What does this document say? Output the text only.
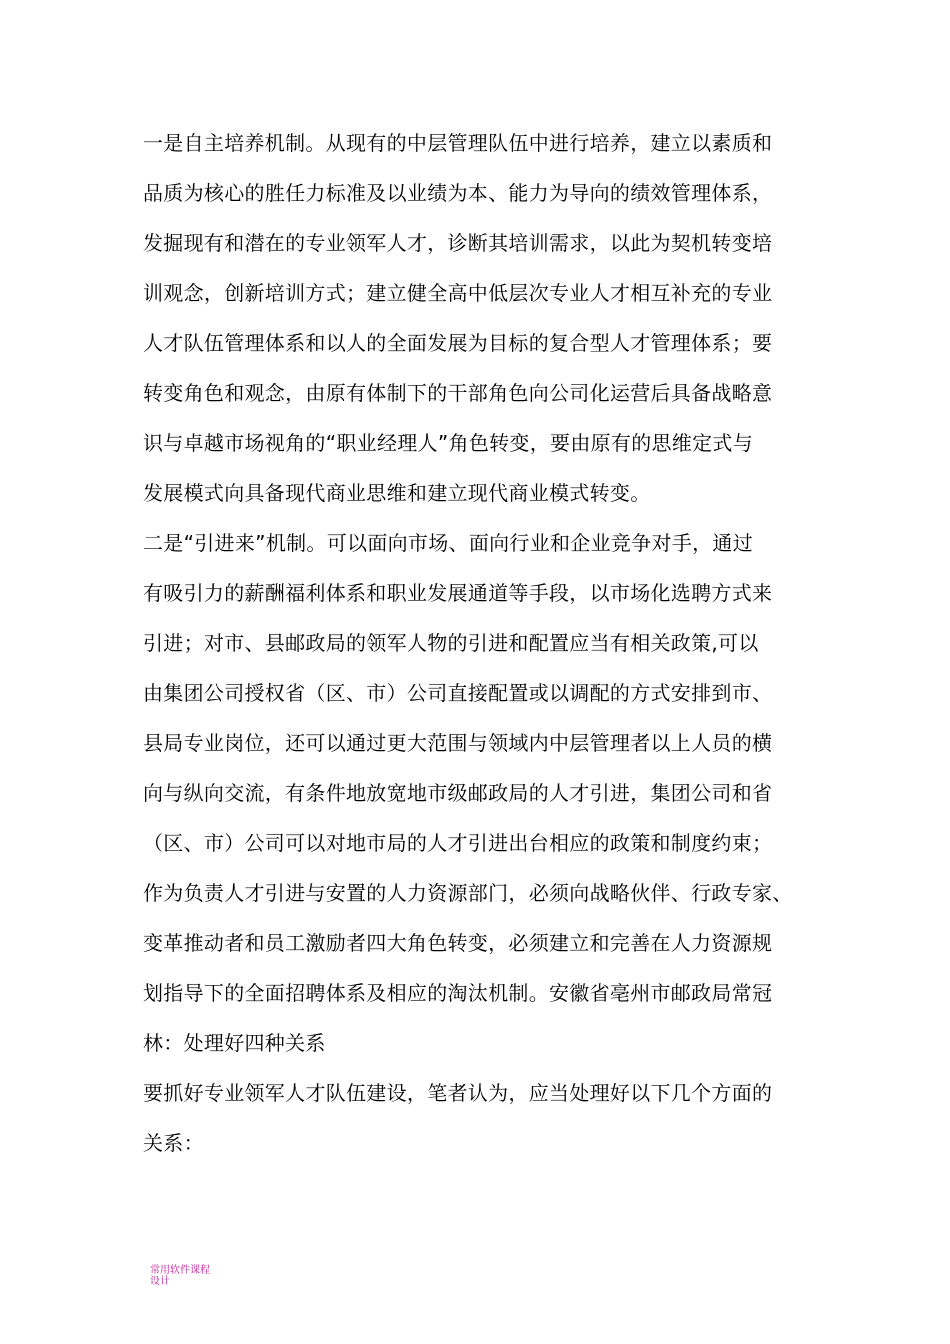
一是自主培养机制。从现有的中层管理队伍中进行培养，建立以素质和
品质为核心的胜任力标准及以业绩为本、能力为导向的绩效管理体系，
发掘现有和潜在的专业领军人才，诊断其培训需求，以此为契机转变培
训观念，创新培训方式；建立健全高中低层次专业人才相互补充的专业
人才队伍管理体系和以人的全面发展为目标的复合型人才管理体系；要
转变角色和观念，由原有体制下的干部角色向公司化运营后具备战略意
识与卓越市场视角的“职业经理人”角色转变，要由原有的思维定式与
发展模式向具备现代商业思维和建立现代商业模式转变。
二是“引进来”机制。可以面向市场、面向行业和企业竞争对手，通过
有吸引力的薪酬福利体系和职业发展通道等手段，以市场化选聘方式来
引进；对市、县邮政局的领军人物的引进和配置应当有相关政策,可以
由集团公司授权省（区、市）公司直接配置或以调配的方式安排到市、
县局专业岗位，还可以通过更大范围与领域内中层管理者以上人员的横
向与纵向交流，有条件地放宽地市级邮政局的人才引进，集团公司和省
（区、市）公司可以对地市局的人才引进出台相应的政策和制度约束；
作为负责人才引进与安置的人力资源部门，必须向战略伙伴、行政专家、
变革推动者和员工激励者四大角色转变，必须建立和完善在人力资源规
划指导下的全面招聘体系及相应的淘汰机制。安徽省亳州市邮政局常冠
林：处理好四种关系
要抓好专业领军人才队伍建设，笔者认为，应当处理好以下几个方面的
关系：
常用软件课程
设计
